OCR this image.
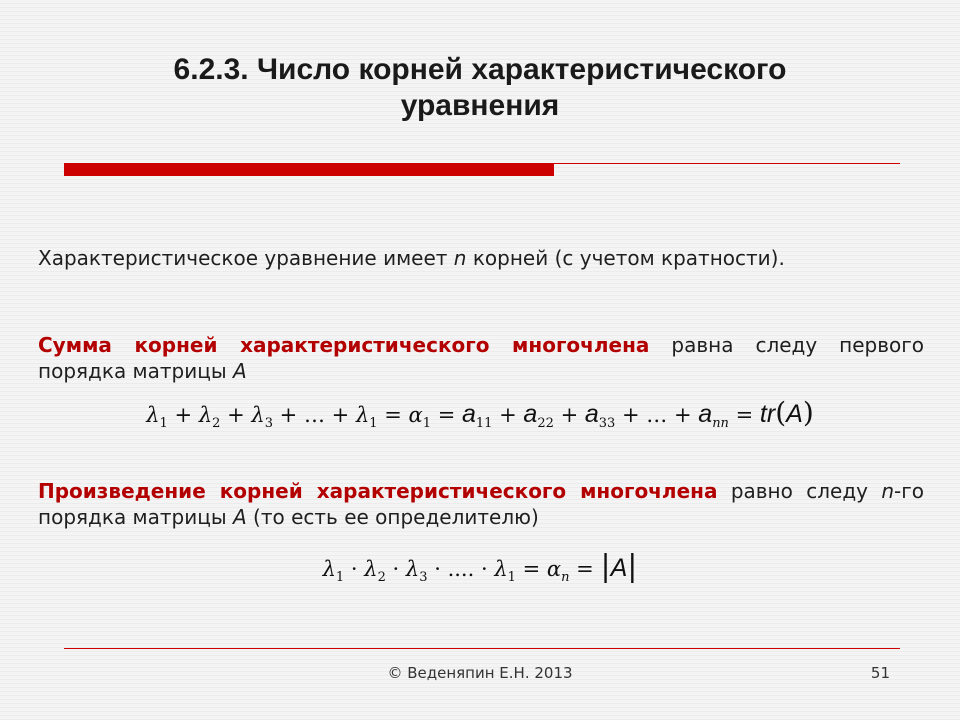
6.2.3. Число корней характеристического
уравнения
Характеристическое уравнение имеет n корней (с учетом кратности).
Сумма корней характеристического многочлена равна следу первого порядка матрицы A
$\lambda_1 + \lambda_2 + \lambda_3$ + … + $\lambda_1 = \alpha_1 = a_{11} + a_{22} + a_{33}$ + … + $a_{nn} = tr(A)$
Произведение корней характеристического многочлена равно следу n-го порядка матрицы A (то есть ее определителю)
$\lambda_1 \cdot \lambda_2 \cdot \lambda_3$ · .... · $\lambda_1 = \alpha_n = |A|$
© Веденяпин Е.Н. 2013	51
